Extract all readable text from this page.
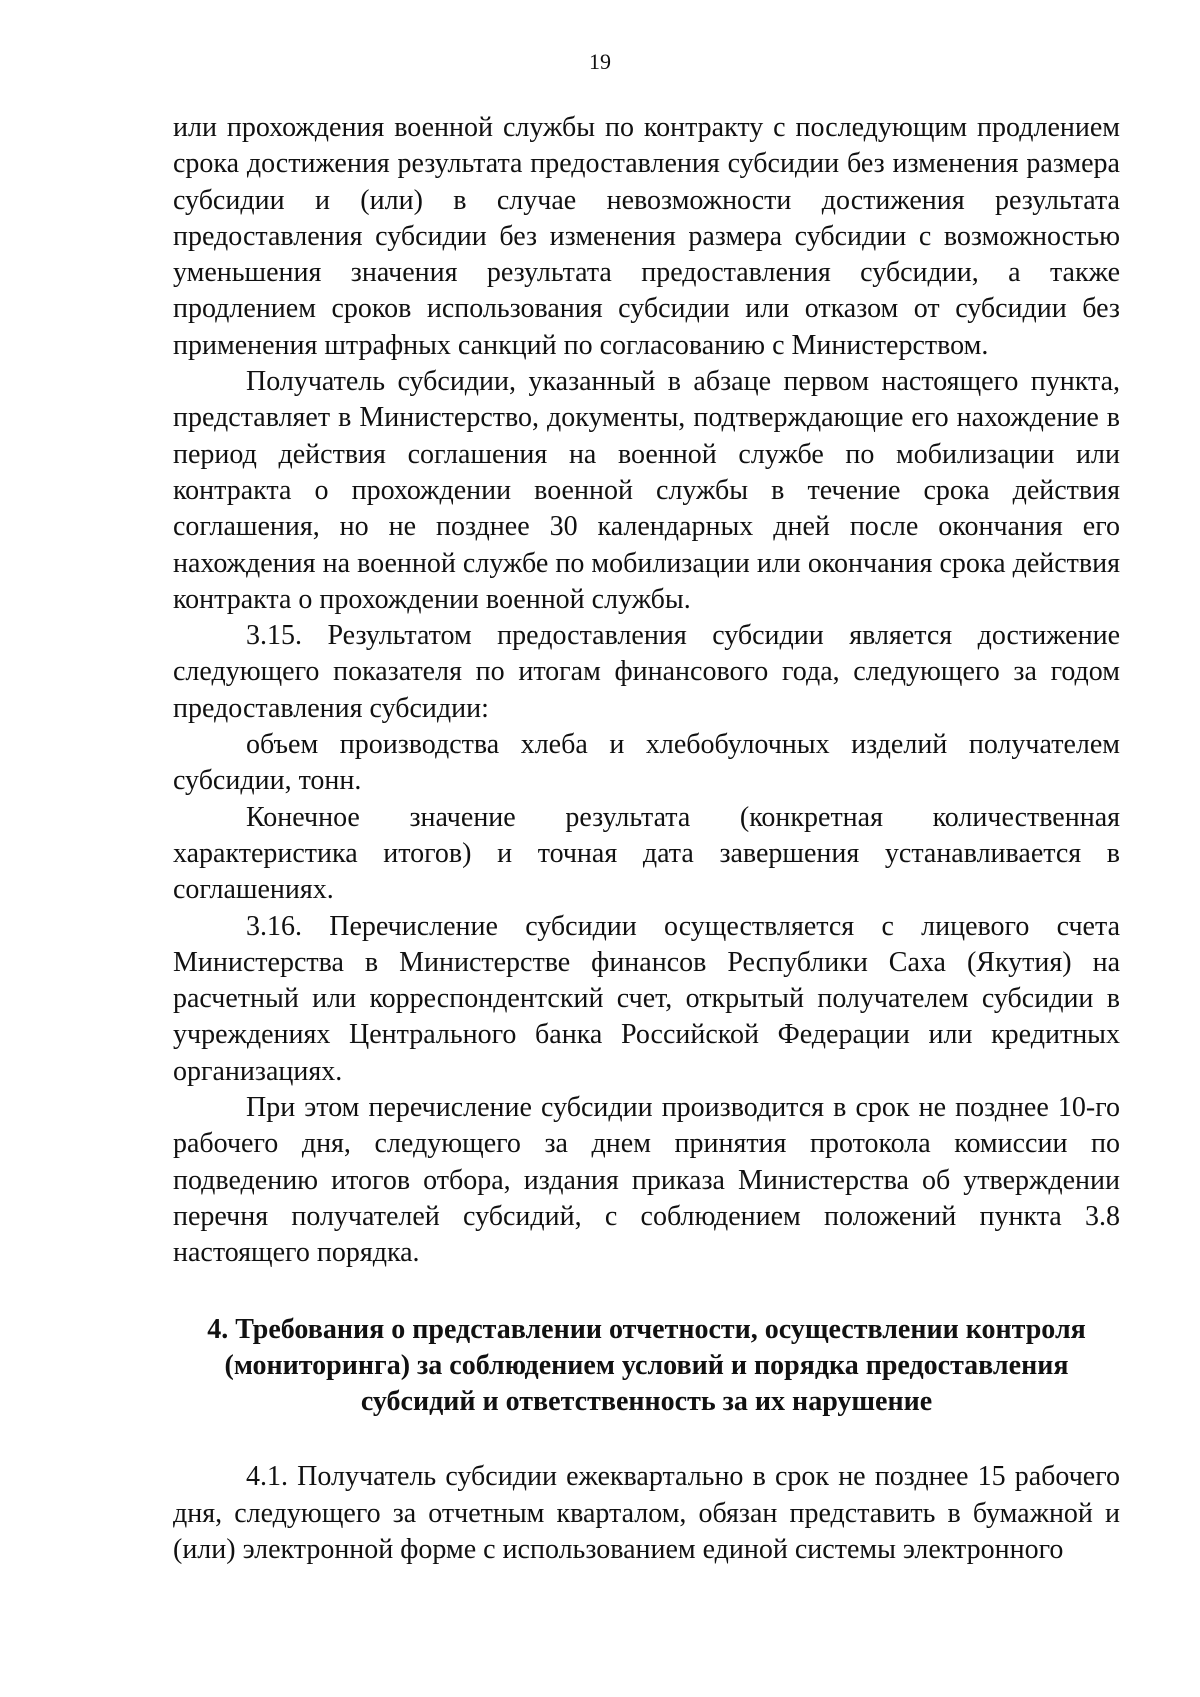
19

или прохождения военной службы по контракту с последующим продлением срока достижения результата предоставления субсидии без изменения размера субсидии и (или) в случае невозможности достижения результата предоставления субсидии без изменения размера субсидии с возможностью уменьшения значения результата предоставления субсидии, а также продлением сроков использования субсидии или отказом от субсидии без применения штрафных санкций по согласованию с Министерством.

Получатель субсидии, указанный в абзаце первом настоящего пункта, представляет в Министерство, документы, подтверждающие его нахождение в период действия соглашения на военной службе по мобилизации или контракта о прохождении военной службы в течение срока действия соглашения, но не позднее 30 календарных дней после окончания его нахождения на военной службе по мобилизации или окончания срока действия контракта о прохождении военной службы.

3.15. Результатом предоставления субсидии является достижение следующего показателя по итогам финансового года, следующего за годом предоставления субсидии:

объем производства хлеба и хлебобулочных изделий получателем субсидии, тонн.

Конечное значение результата (конкретная количественная характеристика итогов) и точная дата завершения устанавливается в соглашениях.

3.16. Перечисление субсидии осуществляется с лицевого счета Министерства в Министерстве финансов Республики Саха (Якутия) на расчетный или корреспондентский счет, открытый получателем субсидии в учреждениях Центрального банка Российской Федерации или кредитных организациях.

При этом перечисление субсидии производится в срок не позднее 10-го рабочего дня, следующего за днем принятия протокола комиссии по подведению итогов отбора, издания приказа Министерства об утверждении перечня получателей субсидий, с соблюдением положений пункта 3.8 настоящего порядка.

4. Требования о представлении отчетности, осуществлении контроля
(мониторинга) за соблюдением условий и порядка предоставления
субсидий и ответственность за их нарушение

4.1. Получатель субсидии ежеквартально в срок не позднее 15 рабочего дня, следующего за отчетным кварталом, обязан представить в бумажной и (или) электронной форме с использованием единой системы электронного
